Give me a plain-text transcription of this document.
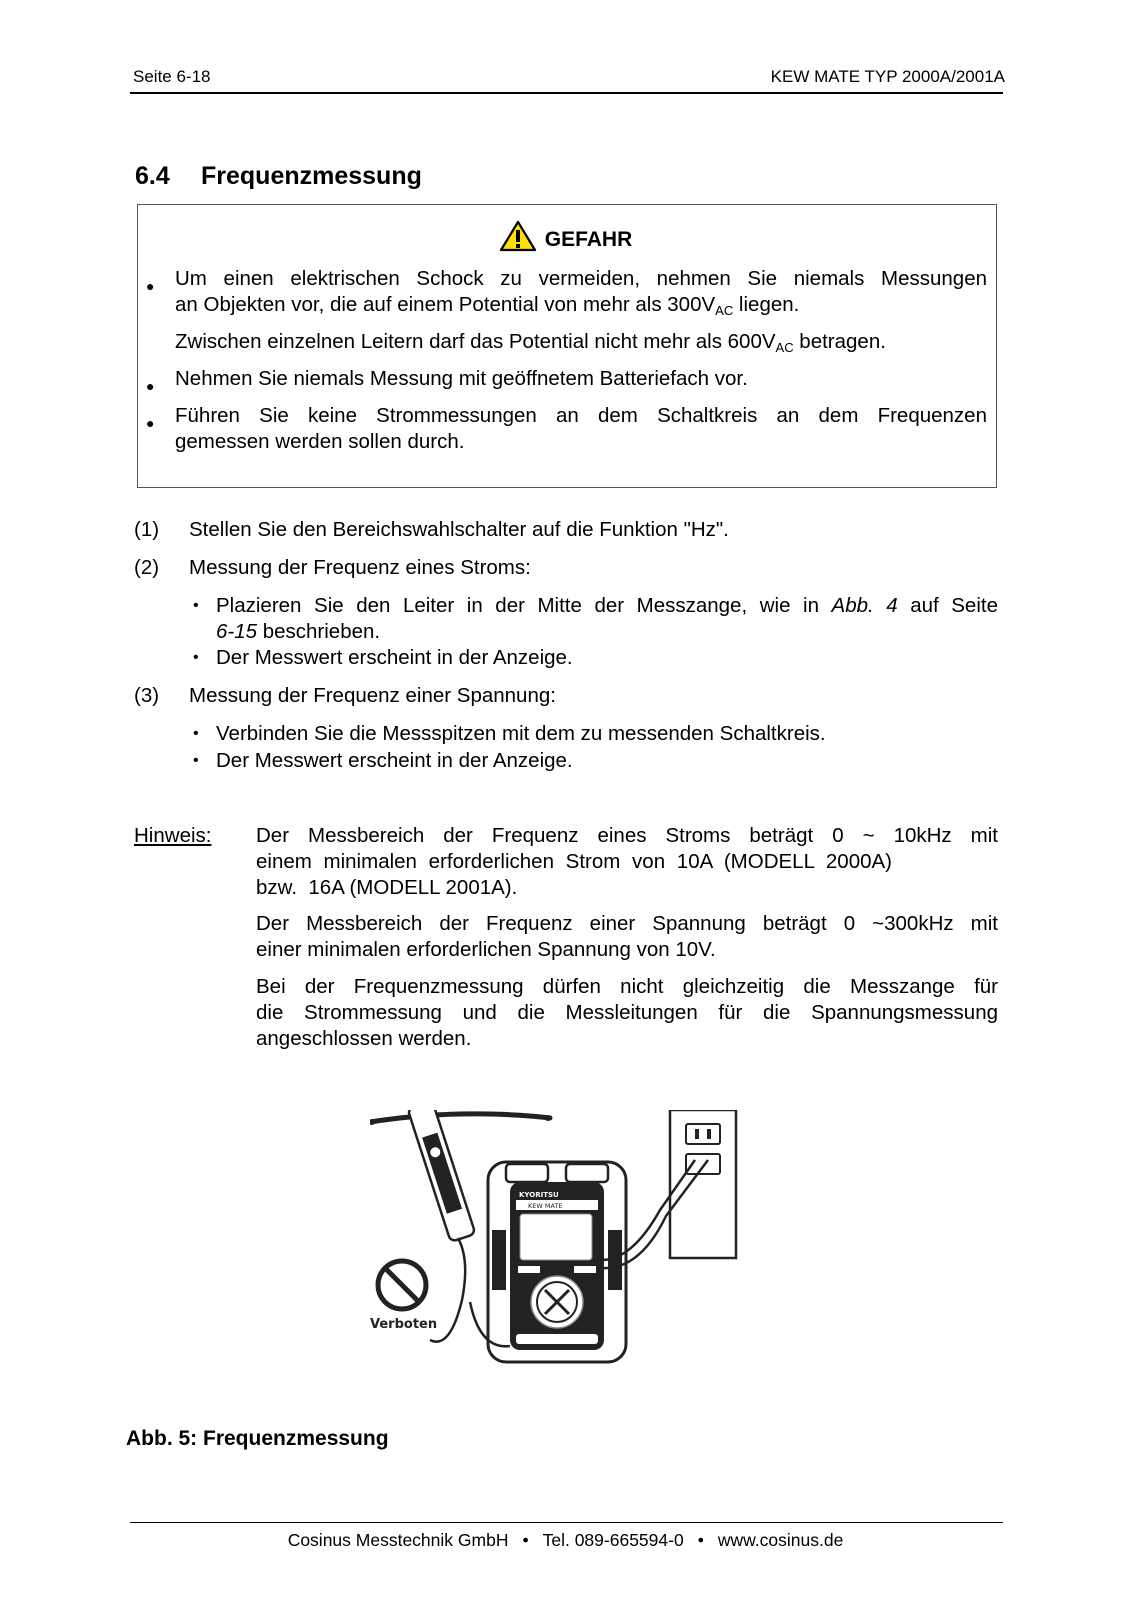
Seite 6-18	KEW MATE TYP 2000A/2001A
6.4 Frequenzmessung
GEFAHR
● Um einen elektrischen Schock zu vermeiden, nehmen Sie niemals Messungen
an Objekten vor, die auf einem Potential von mehr als $300V_{AC}$ liegen.
Zwischen einzelnen Leitern darf das Potential nicht mehr als $600V_{AC}$ betragen.
● Nehmen Sie niemals Messung mit geöffnetem Batteriefach vor.
● Führen Sie keine Strommessungen an dem Schaltkreis an dem Frequenzen
gemessen werden sollen durch.
(1) Stellen Sie den Bereichswahlschalter auf die Funktion "Hz".
(2) Messung der Frequenz eines Stroms:
• Plazieren Sie den Leiter in der Mitte der Messzange, wie in Abb. 4 auf Seite
6-15 beschrieben.
• Der Messwert erscheint in der Anzeige.
(3) Messung der Frequenz einer Spannung:
• Verbinden Sie die Messspitzen mit dem zu messenden Schaltkreis.
• Der Messwert erscheint in der Anzeige.
Hinweis: Der Messbereich der Frequenz eines Stroms beträgt 0 ~ 10kHz mit
einem minimalen erforderlichen Strom von 10A (MODELL 2000A)
bzw.  16A (MODELL 2001A).
Der Messbereich der Frequenz einer Spannung beträgt 0 ~300kHz mit
einer minimalen erforderlichen Spannung von 10V.
Bei der Frequenzmessung dürfen nicht gleichzeitig die Messzange für
die Strommessung und die Messleitungen für die Spannungsmessung
angeschlossen werden.
Verboten
KYORITSU
KEW MATE
Abb. 5: Frequenzmessung
Cosinus Messtechnik GmbH • Tel. 089-665594-0 • www.cosinus.de
